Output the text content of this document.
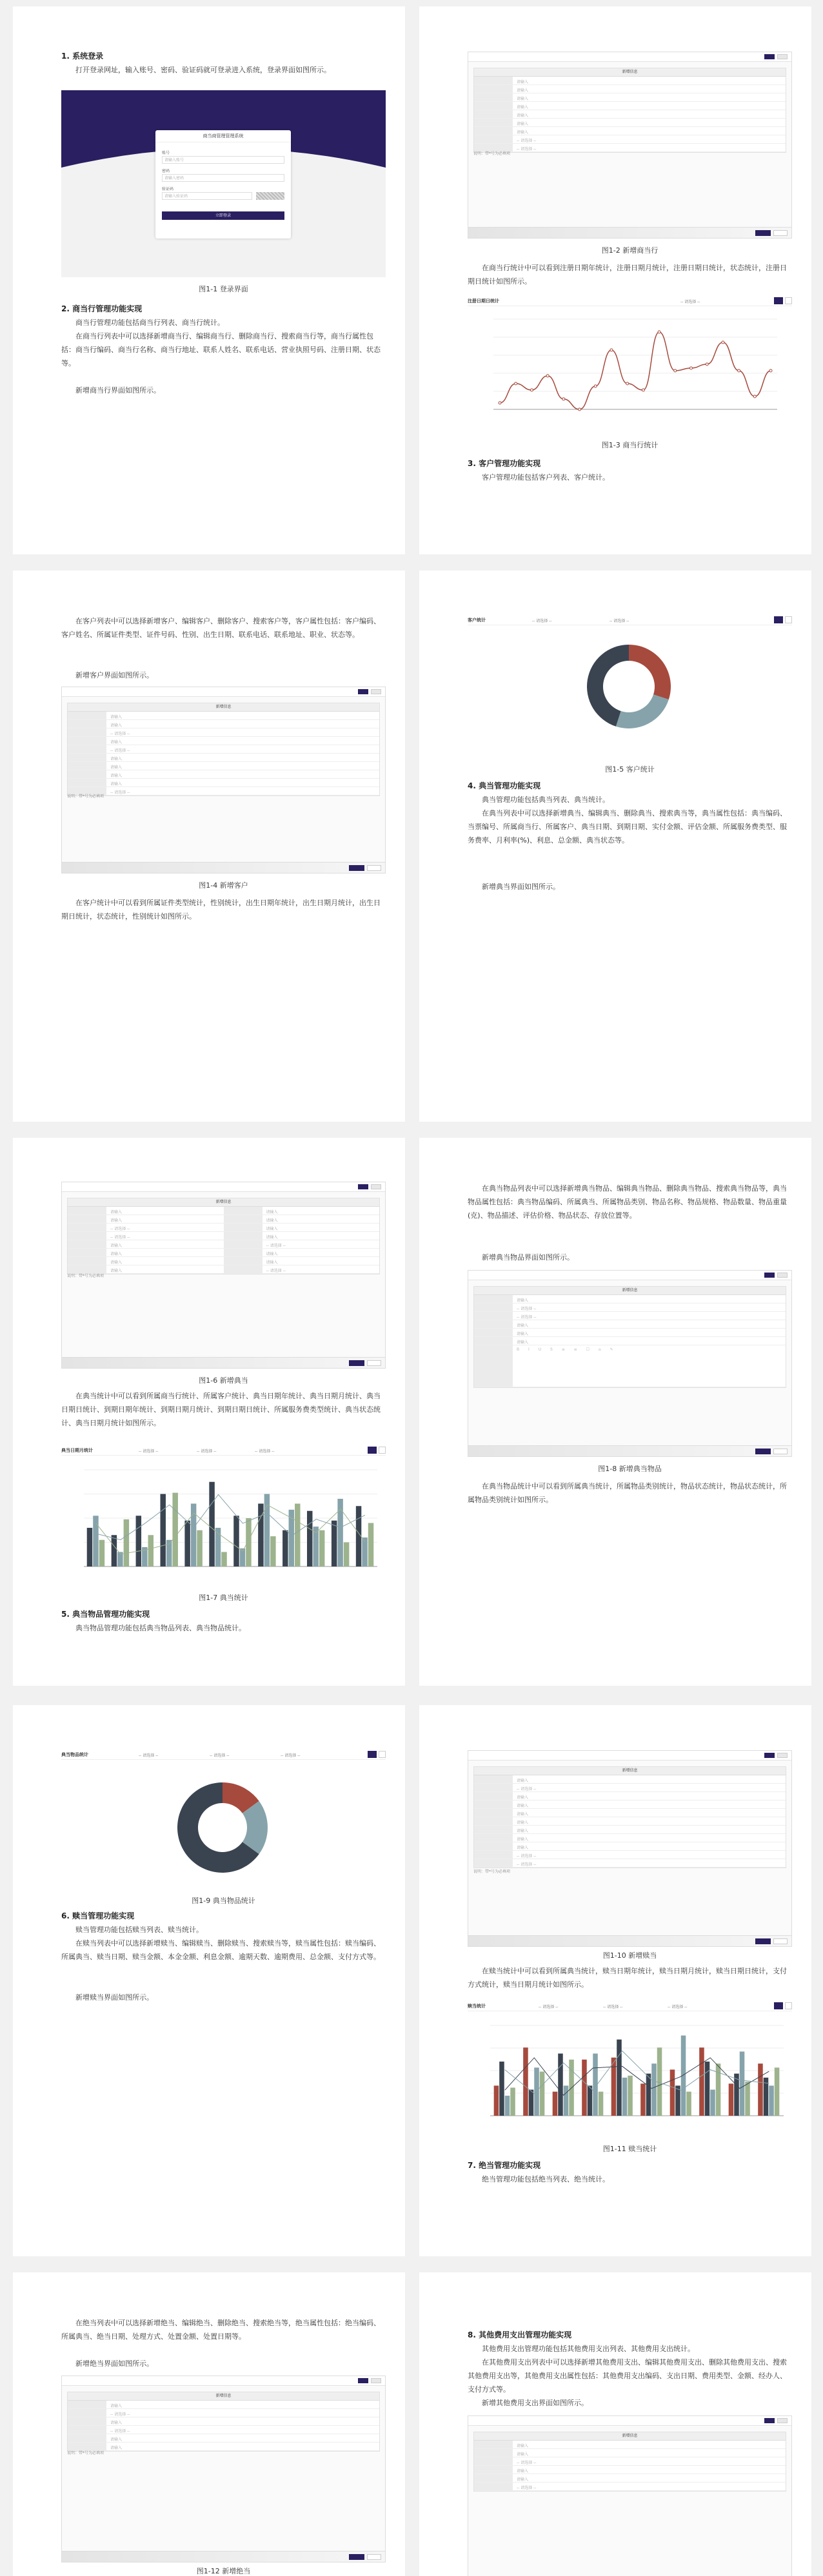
1. 系统登录

打开登录网址，输入账号、密码、验证码就可登录进入系统，登录界面如图所示。

商当商管理管理系统
账号
请输入账号
密码
请输入密码
验证码
请输入验证码
立即登录
图1-1 登录界面

2. 商当行管理功能实现

商当行管理功能包括商当行列表、商当行统计。

在商当行列表中可以选择新增商当行、编辑商当行、删除商当行、搜索商当行等，商当行属性包括：商当行编码、商当行名称、商当行地址、联系人姓名、联系电话、营业执照号码、注册日期、状态等。

新增商当行界面如图所示。

新增信息
请输入
请输入
请输入
请输入
请输入
请输入
请输入
-- 请选择 --
-- 请选择 --
说明：带*号为必填项
图1-2 新增商当行

在商当行统计中可以看到注册日期年统计，注册日期月统计，注册日期日统计，状态统计，注册日期日统计如图所示。

注册日期日统计	-- 请选择 --
图1-3 商当行统计

3. 客户管理功能实现

客户管理功能包括客户列表、客户统计。

在客户列表中可以选择新增客户、编辑客户、删除客户、搜索客户等，客户属性包括：客户编码、客户姓名、所属证件类型、证件号码、性别、出生日期、联系电话、联系地址、职业、状态等。

新增客户界面如图所示。

新增信息
请输入
请输入
-- 请选择 --
请输入
-- 请选择 --
请输入
请输入
请输入
请输入
-- 请选择 --
说明：带*号为必填项
图1-4 新增客户

在客户统计中可以看到所属证件类型统计，性别统计，出生日期年统计，出生日期月统计，出生日期日统计，状态统计，性别统计如图所示。

客户统计	-- 请选择 --	-- 请选择 --
图1-5 客户统计

4. 典当管理功能实现

典当管理功能包括典当列表、典当统计。

在典当列表中可以选择新增典当、编辑典当、删除典当、搜索典当等，典当属性包括：典当编码、当票编号、所属商当行、所属客户、典当日期、到期日期、实付金额、评估金额、所属服务费类型、服务费率、月利率(%)、利息、总金额、典当状态等。

新增典当界面如图所示。

新增信息
请输入	请输入
请输入	请输入
-- 请选择 --	请输入
-- 请选择 --	请输入
请输入	-- 请选择 --
请输入	请输入
请输入	请输入
请输入	-- 请选择 --
说明：带*号为必填项
图1-6 新增典当

在典当统计中可以看到所属商当行统计、所属客户统计、典当日期年统计、典当日期月统计、典当日期日统计、到期日期年统计、到期日期月统计、到期日期日统计、所属服务费类型统计、典当状态统计、典当日期月统计如图所示。

典当日期月统计	-- 请选择 --	-- 请选择 --	-- 请选择 --
图1-7 典当统计

5. 典当物品管理功能实现

典当物品管理功能包括典当物品列表、典当物品统计。

在典当物品列表中可以选择新增典当物品、编辑典当物品、删除典当物品、搜索典当物品等，典当物品属性包括：典当物品编码、所属典当、所属物品类别、物品名称、物品规格、物品数量、物品重量(克)、物品描述、评估价格、物品状态、存放位置等。

新增典当物品界面如图所示。

新增信息
请输入
-- 请选择 --
-- 请选择 --
请输入
请输入
请输入
B I U S ≡ ≡ ☐ ⌂ ✎
图1-8 新增典当物品

在典当物品统计中可以看到所属典当统计，所属物品类别统计，物品状态统计，物品状态统计，所属物品类别统计如图所示。

典当物品统计	-- 请选择 --	-- 请选择 --	-- 请选择 --
图1-9 典当物品统计

6. 赎当管理功能实现

赎当管理功能包括赎当列表、赎当统计。

在赎当列表中可以选择新增赎当、编辑赎当、删除赎当、搜索赎当等，赎当属性包括：赎当编码、所属典当、赎当日期、赎当金额、本金金额、利息金额、逾期天数、逾期费用、总金额、支付方式等。

新增赎当界面如图所示。

新增信息
请输入
-- 请选择 --
请输入
请输入
请输入
请输入
请输入
请输入
请输入
-- 请选择 --
-- 请选择 --
说明：带*号为必填项
图1-10 新增赎当

在赎当统计中可以看到所属典当统计，赎当日期年统计，赎当日期月统计，赎当日期日统计，支付方式统计，赎当日期月统计如图所示。

赎当统计	-- 请选择 --	-- 请选择 --	-- 请选择 --
图1-11 赎当统计

7. 绝当管理功能实现

绝当管理功能包括绝当列表、绝当统计。

在绝当列表中可以选择新增绝当、编辑绝当、删除绝当、搜索绝当等，绝当属性包括：绝当编码、所属典当、绝当日期、处理方式、处置金额、处置日期等。

新增绝当界面如图所示。

新增信息
请输入
-- 请选择 --
请输入
-- 请选择 --
请输入
请输入
说明：带*号为必填项
图1-12 新增绝当

8. 其他费用支出管理功能实现

其他费用支出管理功能包括其他费用支出列表、其他费用支出统计。

在其他费用支出列表中可以选择新增其他费用支出、编辑其他费用支出、删除其他费用支出、搜索其他费用支出等，其他费用支出属性包括：其他费用支出编码、支出日期、费用类型、金额、经办人、支付方式等。

新增其他费用支出界面如图所示。

新增信息
请输入
请输入
-- 请选择 --
请输入
请输入
-- 请选择 --
